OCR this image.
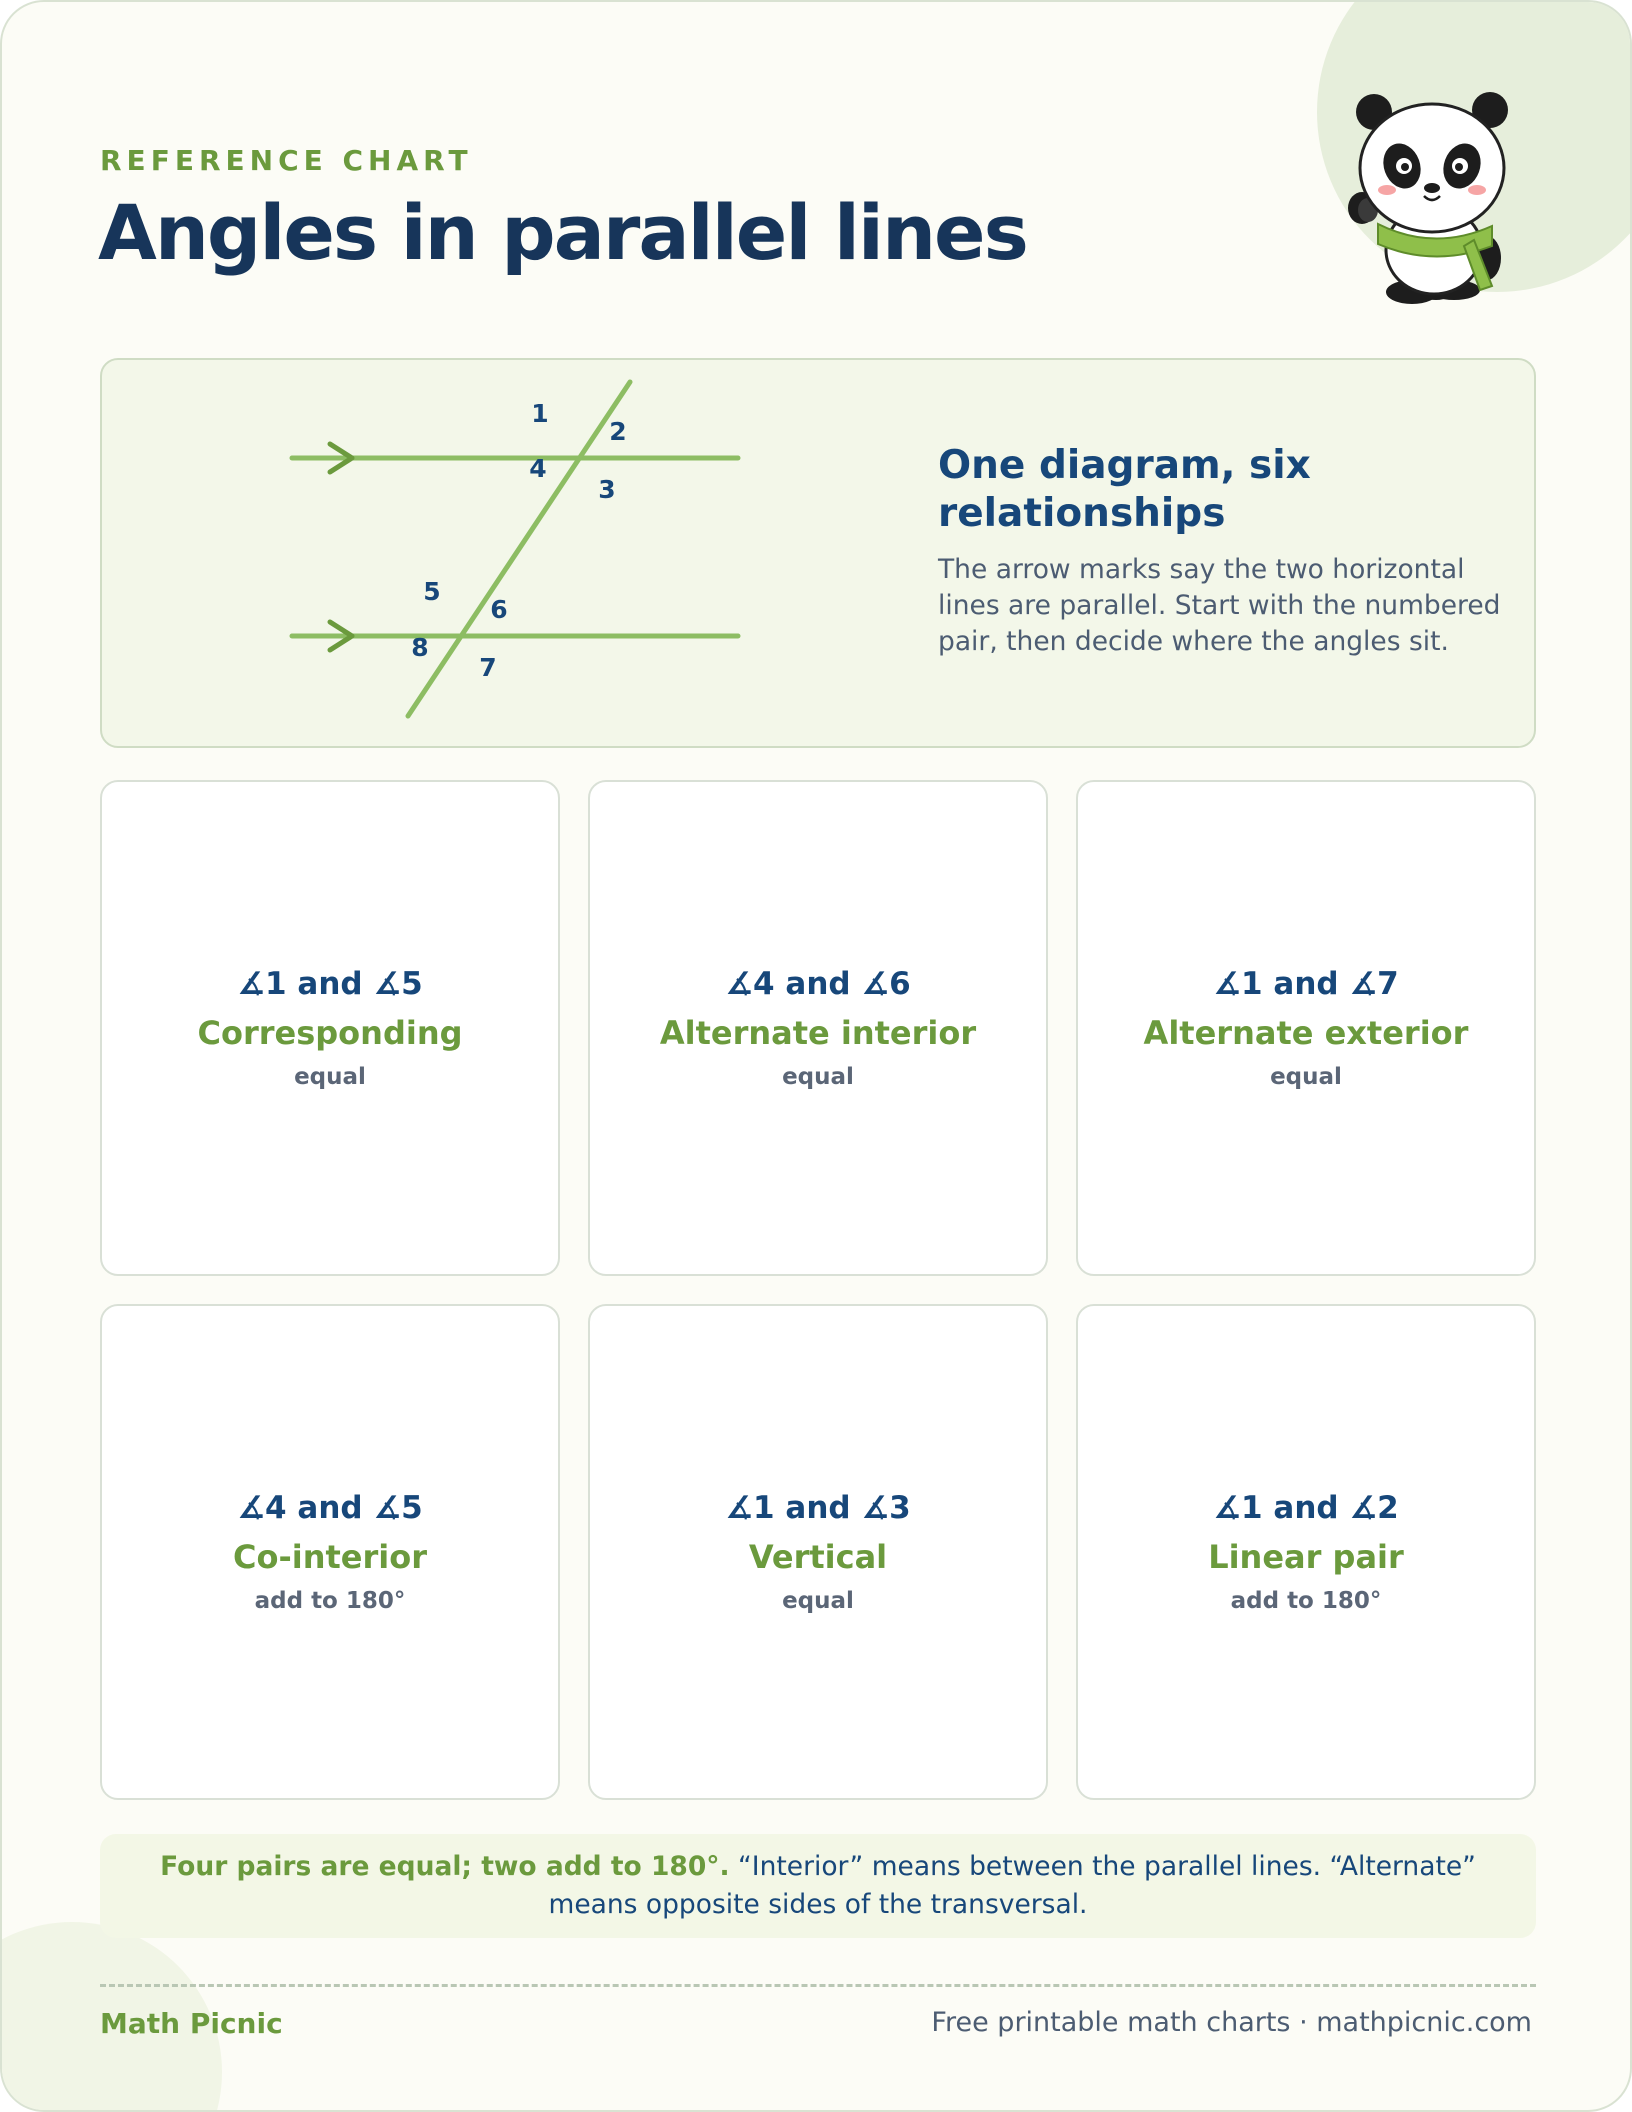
REFERENCE CHART
Angles in parallel lines
1
2
3
4
5
6
7
8
One diagram, six relationships
The arrow marks say the two horizontal lines are parallel. Start with the numbered pair, then decide where the angles sit.
∡1 and ∡5
Corresponding
equal
∡4 and ∡6
Alternate interior
equal
∡1 and ∡7
Alternate exterior
equal
∡4 and ∡5
Co-interior
add to 180°
∡1 and ∡3
Vertical
equal
∡1 and ∡2
Linear pair
add to 180°
Four pairs are equal; two add to 180°. “Interior” means between the parallel lines. “Alternate” means opposite sides of the transversal.
Math Picnic	Free printable math charts · mathpicnic.com
